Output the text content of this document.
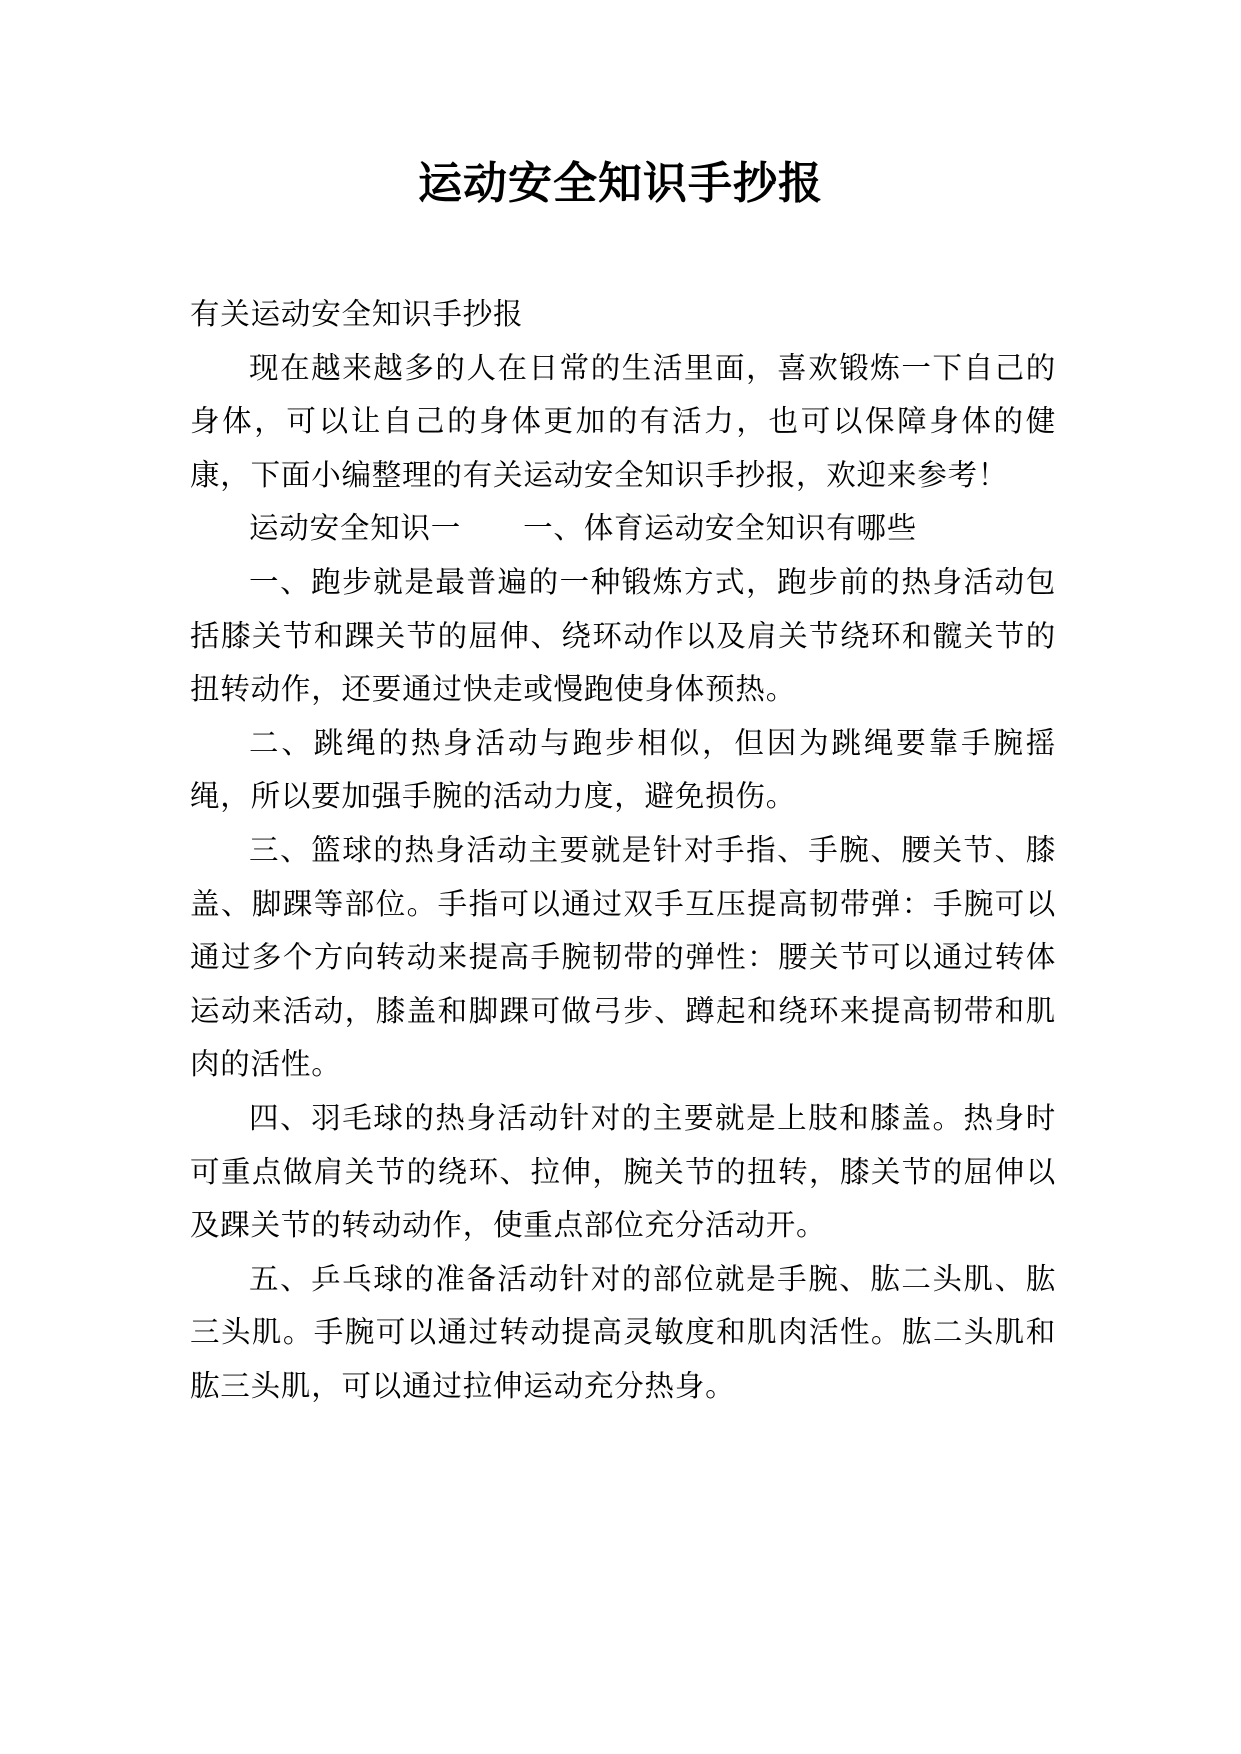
运动安全知识手抄报

有关运动安全知识手抄报

现在越来越多的人在日常的生活里面，喜欢锻炼一下自己的身体，可以让自己的身体更加的有活力，也可以保障身体的健康，下面小编整理的有关运动安全知识手抄报，欢迎来参考！

运动安全知识一 一、体育运动安全知识有哪些

一、跑步就是最普遍的一种锻炼方式，跑步前的热身活动包括膝关节和踝关节的屈伸、绕环动作以及肩关节绕环和髋关节的扭转动作，还要通过快走或慢跑使身体预热。

二、跳绳的热身活动与跑步相似，但因为跳绳要靠手腕摇绳，所以要加强手腕的活动力度，避免损伤。

三、篮球的热身活动主要就是针对手指、手腕、腰关节、膝盖、脚踝等部位。手指可以通过双手互压提高韧带弹：手腕可以通过多个方向转动来提高手腕韧带的弹性：腰关节可以通过转体运动来活动，膝盖和脚踝可做弓步、蹲起和绕环来提高韧带和肌肉的活性。

四、羽毛球的热身活动针对的主要就是上肢和膝盖。热身时可重点做肩关节的绕环、拉伸，腕关节的扭转，膝关节的屈伸以及踝关节的转动动作，使重点部位充分活动开。

五、乒乓球的准备活动针对的部位就是手腕、肱二头肌、肱三头肌。手腕可以通过转动提高灵敏度和肌肉活性。肱二头肌和肱三头肌，可以通过拉伸运动充分热身。
